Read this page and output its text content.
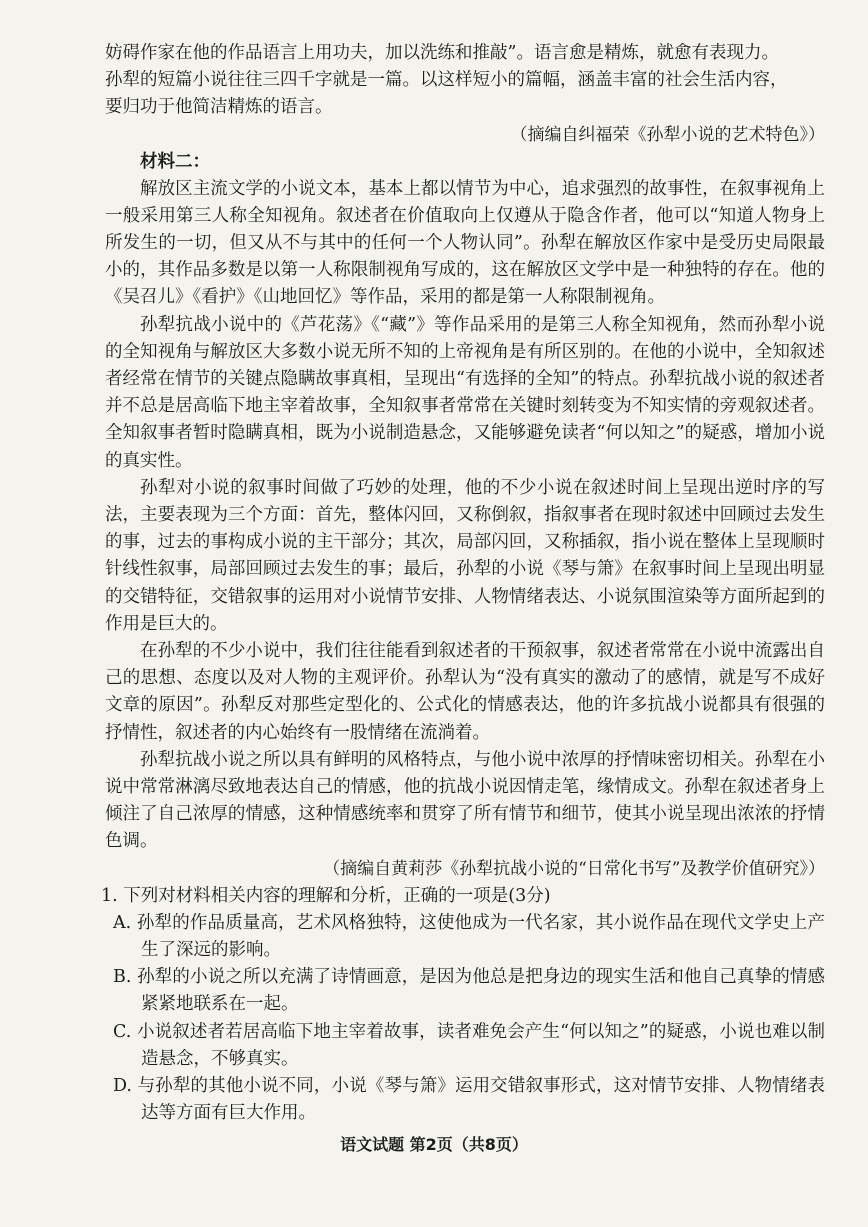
妨碍作家在他的作品语言上用功夫，加以洗练和推敲”。语言愈是精炼，就愈有表现力。

孙犁的短篇小说往往三四千字就是一篇。以这样短小的篇幅，涵盖丰富的社会生活内容，

要归功于他简洁精炼的语言。

（摘编自纠福荣《孙犁小说的艺术特色》）

材料二：

解放区主流文学的小说文本，基本上都以情节为中心，追求强烈的故事性，在叙事视角上一般采用第三人称全知视角。叙述者在价值取向上仅遵从于隐含作者，他可以“知道人物身上所发生的一切，但又从不与其中的任何一个人物认同”。孙犁在解放区作家中是受历史局限最小的，其作品多数是以第一人称限制视角写成的，这在解放区文学中是一种独特的存在。他的《吴召儿》《看护》《山地回忆》等作品，采用的都是第一人称限制视角。

孙犁抗战小说中的《芦花荡》《“藏”》等作品采用的是第三人称全知视角，然而孙犁小说的全知视角与解放区大多数小说无所不知的上帝视角是有所区别的。在他的小说中，全知叙述者经常在情节的关键点隐瞒故事真相，呈现出“有选择的全知”的特点。孙犁抗战小说的叙述者并不总是居高临下地主宰着故事，全知叙事者常常在关键时刻转变为不知实情的旁观叙述者。全知叙事者暂时隐瞒真相，既为小说制造悬念，又能够避免读者“何以知之”的疑惑，增加小说的真实性。

孙犁对小说的叙事时间做了巧妙的处理，他的不少小说在叙述时间上呈现出逆时序的写法，主要表现为三个方面：首先，整体闪回，又称倒叙，指叙事者在现时叙述中回顾过去发生的事，过去的事构成小说的主干部分；其次，局部闪回，又称插叙，指小说在整体上呈现顺时针线性叙事，局部回顾过去发生的事；最后，孙犁的小说《琴与箫》在叙事时间上呈现出明显的交错特征，交错叙事的运用对小说情节安排、人物情绪表达、小说氛围渲染等方面所起到的作用是巨大的。

在孙犁的不少小说中，我们往往能看到叙述者的干预叙事，叙述者常常在小说中流露出自己的思想、态度以及对人物的主观评价。孙犁认为“没有真实的激动了的感情，就是写不成好文章的原因”。孙犁反对那些定型化的、公式化的情感表达，他的许多抗战小说都具有很强的抒情性，叙述者的内心始终有一股情绪在流淌着。

孙犁抗战小说之所以具有鲜明的风格特点，与他小说中浓厚的抒情味密切相关。孙犁在小说中常常淋漓尽致地表达自己的情感，他的抗战小说因情走笔，缘情成文。孙犁在叙述者身上倾注了自己浓厚的情感，这种情感统率和贯穿了所有情节和细节，使其小说呈现出浓浓的抒情色调。

（摘编自黄莉莎《孙犁抗战小说的“日常化书写”及教学价值研究》）

1. 下列对材料相关内容的理解和分析，正确的一项是(3分)

A. 孙犁的作品质量高，艺术风格独特，这使他成为一代名家，其小说作品在现代文学史上产生了深远的影响。

B. 孙犁的小说之所以充满了诗情画意，是因为他总是把身边的现实生活和他自己真挚的情感紧紧地联系在一起。

C. 小说叙述者若居高临下地主宰着故事，读者难免会产生“何以知之”的疑惑，小说也难以制造悬念，不够真实。

D. 与孙犁的其他小说不同，小说《琴与箫》运用交错叙事形式，这对情节安排、人物情绪表达等方面有巨大作用。

语文试题 第2页（共8页）
